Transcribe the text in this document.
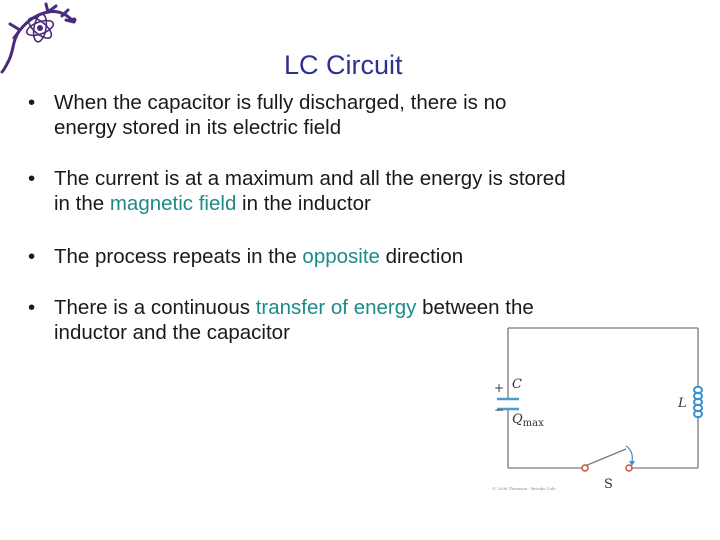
LC Circuit
• When the capacitor is fully discharged, there is no
energy stored in its electric field
• The current is at a maximum and all the energy is stored
in the magnetic field in the inductor
• The process repeats in the opposite direction
• There is a continuous transfer of energy between the
inductor and the capacitor
+
−
C
$Q_{max}$
L
S
© 2006 Thomson - Brooks Cole
